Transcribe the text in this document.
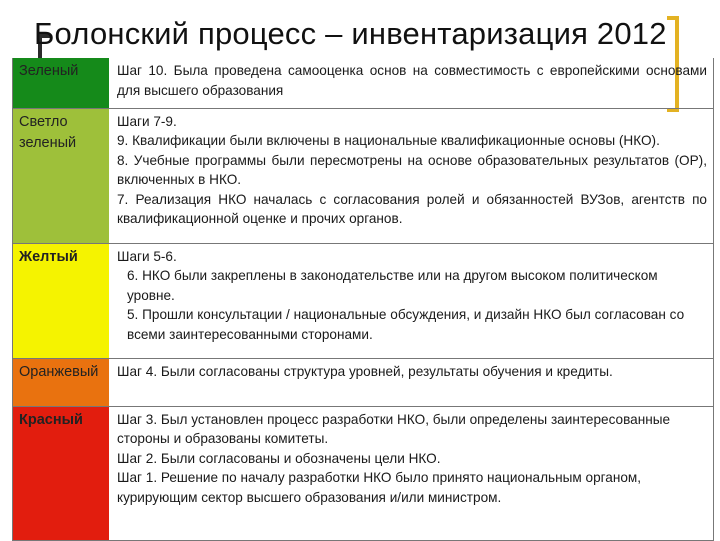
Болонский процесс – инвентаризация 2012
Зеленый	Шаг 10. Была проведена самооценка основ на совместимость с европейскими основами для высшего образования

Светло зеленый	Шаги 7-9.
9. Квалификации были включены в национальные квалификационные основы (НКО).
8. Учебные программы были пересмотрены на основе образовательных результатов (ОР), включенных в НКО.
7. Реализация НКО началась с согласования ролей и обязанностей ВУЗов, агентств по квалификационной оценке и прочих органов.

Желтый	Шаги 5-6.
6. НКО были закреплены в законодательстве или на другом высоком политическом уровне.
5. Прошли консультации / национальные обсуждения, и дизайн НКО был согласован со всеми заинтересованными сторонами.

Оранжевый	Шаг 4. Были согласованы структура уровней, результаты обучения и кредиты.

Красный	Шаг 3. Был установлен процесс разработки НКО, были определены заинтересованные стороны и образованы комитеты.
Шаг 2. Были согласованы и обозначены цели НКО.
Шаг 1. Решение по началу разработки НКО было принято национальным органом, курирующим сектор высшего образования и/или министром.
